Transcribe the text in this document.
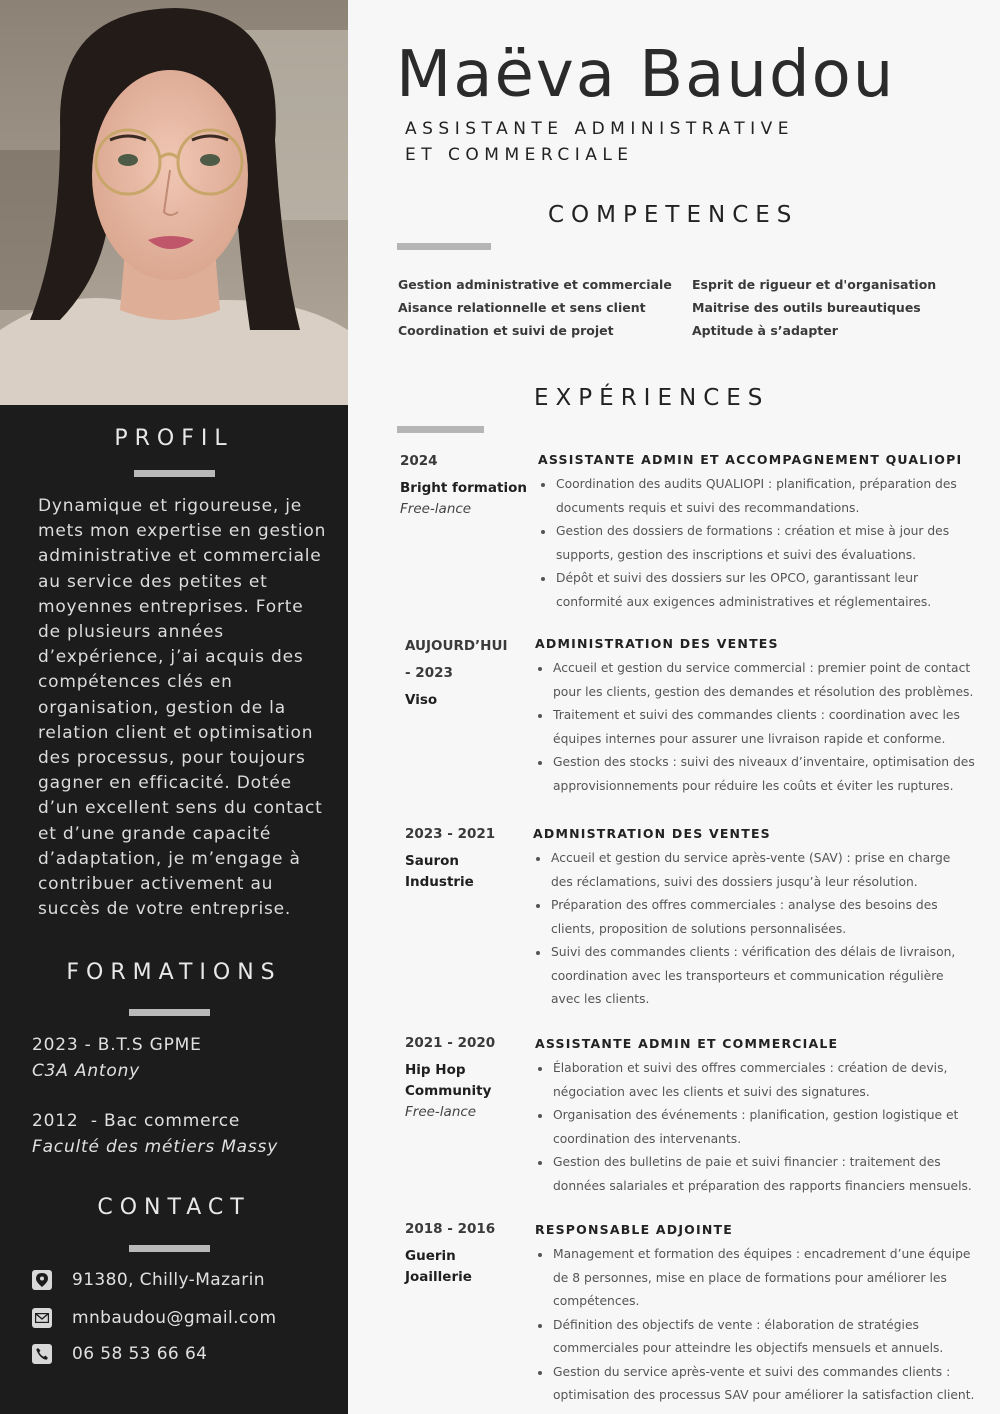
PROFIL

Dynamique et rigoureuse, je mets mon expertise en gestion administrative et commerciale au service des petites et moyennes entreprises. Forte de plusieurs années d’expérience, j’ai acquis des compétences clés en organisation, gestion de la relation client et optimisation des processus, pour toujours gagner en efficacité. Dotée d’un excellent sens du contact et d’une grande capacité d’adaptation, je m’engage à contribuer activement au succès de votre entreprise.

FORMATIONS
2023 - B.T.S GPME
C3A Antony
2012  - Bac commerce
Faculté des métiers Massy
CONTACT
91380, Chilly-Mazarin
mnbaudou@gmail.com
06 58 53 66 64
Maëva Baudou
ASSISTANTE ADMINISTRATIVE
ET COMMERCIALE
COMPETENCES
Gestion administrative et commerciale	Esprit de rigueur et d'organisation
Aisance relationnelle et sens client	Maitrise des outils bureautiques
Coordination et suivi de projet	Aptitude à s’adapter
EXPÉRIENCES
2024
Bright formation
Free-lance
ASSISTANTE ADMIN ET ACCOMPAGNEMENT QUALIOPI
• Coordination des audits QUALIOPI : planification, préparation des documents requis et suivi des recommandations.
• Gestion des dossiers de formations : création et mise à jour des supports, gestion des inscriptions et suivi des évaluations.
• Dépôt et suivi des dossiers sur les OPCO, garantissant leur conformité aux exigences administratives et réglementaires.
AUJOURD’HUI
- 2023
Viso
ADMINISTRATION DES VENTES
• Accueil et gestion du service commercial : premier point de contact pour les clients, gestion des demandes et résolution des problèmes.
• Traitement et suivi des commandes clients : coordination avec les équipes internes pour assurer une livraison rapide et conforme.
• Gestion des stocks : suivi des niveaux d’inventaire, optimisation des approvisionnements pour réduire les coûts et éviter les ruptures.
2023 - 2021
Sauron
Industrie
ADMNISTRATION DES VENTES
• Accueil et gestion du service après-vente (SAV) : prise en charge des réclamations, suivi des dossiers jusqu’à leur résolution.
• Préparation des offres commerciales : analyse des besoins des clients, proposition de solutions personnalisées.
• Suivi des commandes clients : vérification des délais de livraison, coordination avec les transporteurs et communication régulière avec les clients.
2021 - 2020
Hip Hop
Community
Free-lance
ASSISTANTE ADMIN ET COMMERCIALE
• Élaboration et suivi des offres commerciales : création de devis, négociation avec les clients et suivi des signatures.
• Organisation des événements : planification, gestion logistique et coordination des intervenants.
• Gestion des bulletins de paie et suivi financier : traitement des données salariales et préparation des rapports financiers mensuels.
2018 - 2016
Guerin
Joaillerie
RESPONSABLE ADJOINTE
• Management et formation des équipes : encadrement d’une équipe de 8 personnes, mise en place de formations pour améliorer les compétences.
• Définition des objectifs de vente : élaboration de stratégies commerciales pour atteindre les objectifs mensuels et annuels.
• Gestion du service après-vente et suivi des commandes clients : optimisation des processus SAV pour améliorer la satisfaction client.
